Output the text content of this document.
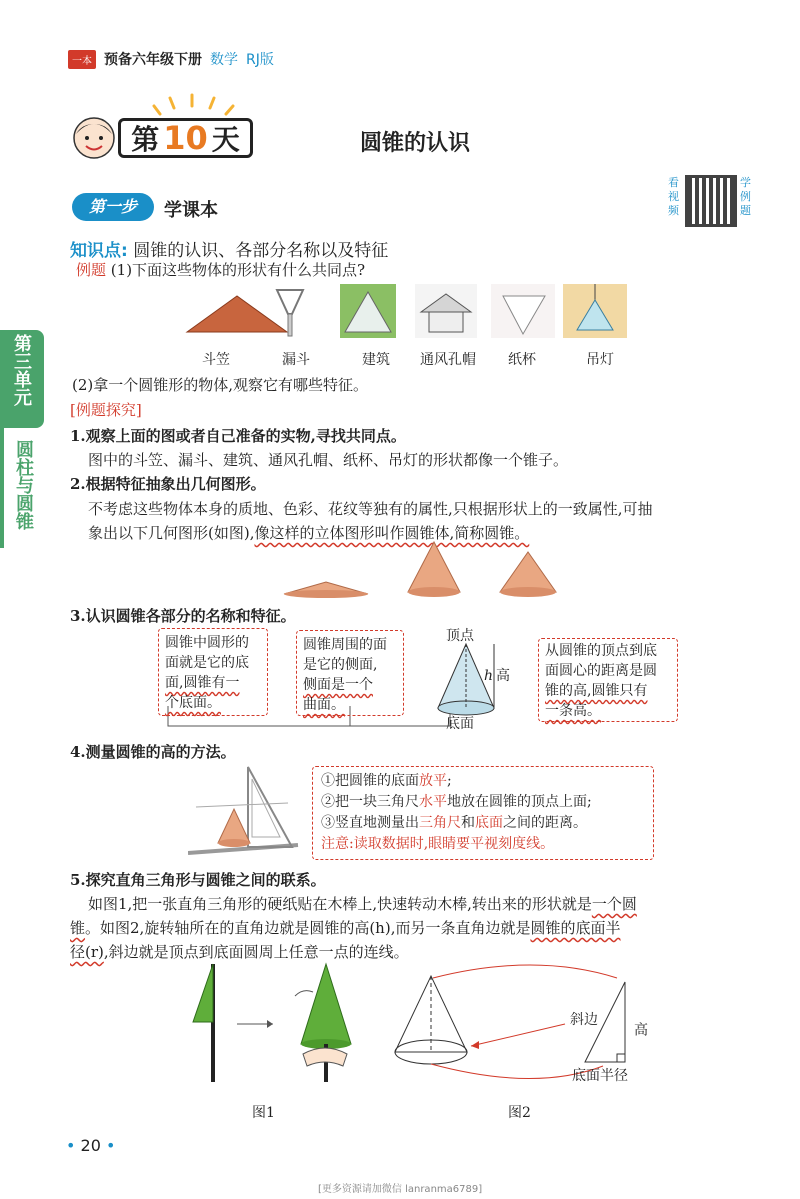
一本 预备六年级下册 数学 RJ版
第 10 天	圆锥的认识
第一步	学课本
看视频
学例题
第三单元
圆柱与圆锥
知识点: 圆锥的认识、各部分名称以及特征
例题 (1)下面这些物体的形状有什么共同点?
斗笠	漏斗	建筑 通风孔帽 纸杯	吊灯
(2)拿一个圆锥形的物体,观察它有哪些特征。
[例题探究]
1.观察上面的图或者自己准备的实物,寻找共同点。
图中的斗笠、漏斗、建筑、通风孔帽、纸杯、吊灯的形状都像一个锥子。
2.根据特征抽象出几何图形。
不考虑这些物体本身的质地、色彩、花纹等独有的属性,只根据形状上的一致属性,可抽
象出以下几何图形(如图),像这样的立体图形叫作圆锥体,简称圆锥。
3.认识圆锥各部分的名称和特征。
圆锥中圆形的
面就是它的底
面,圆锥有一
个底面。
圆锥周围的面
是它的侧面,
侧面是一个
曲面。
顶点
h 高
底面
从圆锥的顶点到底
面圆心的距离是圆
锥的高,圆锥只有
一条高。
4.测量圆锥的高的方法。
①把圆锥的底面放平;
②把一块三角尺水平地放在圆锥的顶点上面;
③竖直地测量出三角尺和底面之间的距离。
注意:读取数据时,眼睛要平视刻度线。
5.探究直角三角形与圆锥之间的联系。
如图1,把一张直角三角形的硬纸贴在木棒上,快速转动木棒,转出来的形状就是一个圆
锥。如图2,旋转轴所在的直角边就是圆锥的高(h),而另一条直角边就是圆锥的底面半
径(r),斜边就是顶点到底面圆周上任意一点的连线。
图1
斜边
高
底面半径
图2
• 20 •
[更多资源请加微信 lanranma6789]
